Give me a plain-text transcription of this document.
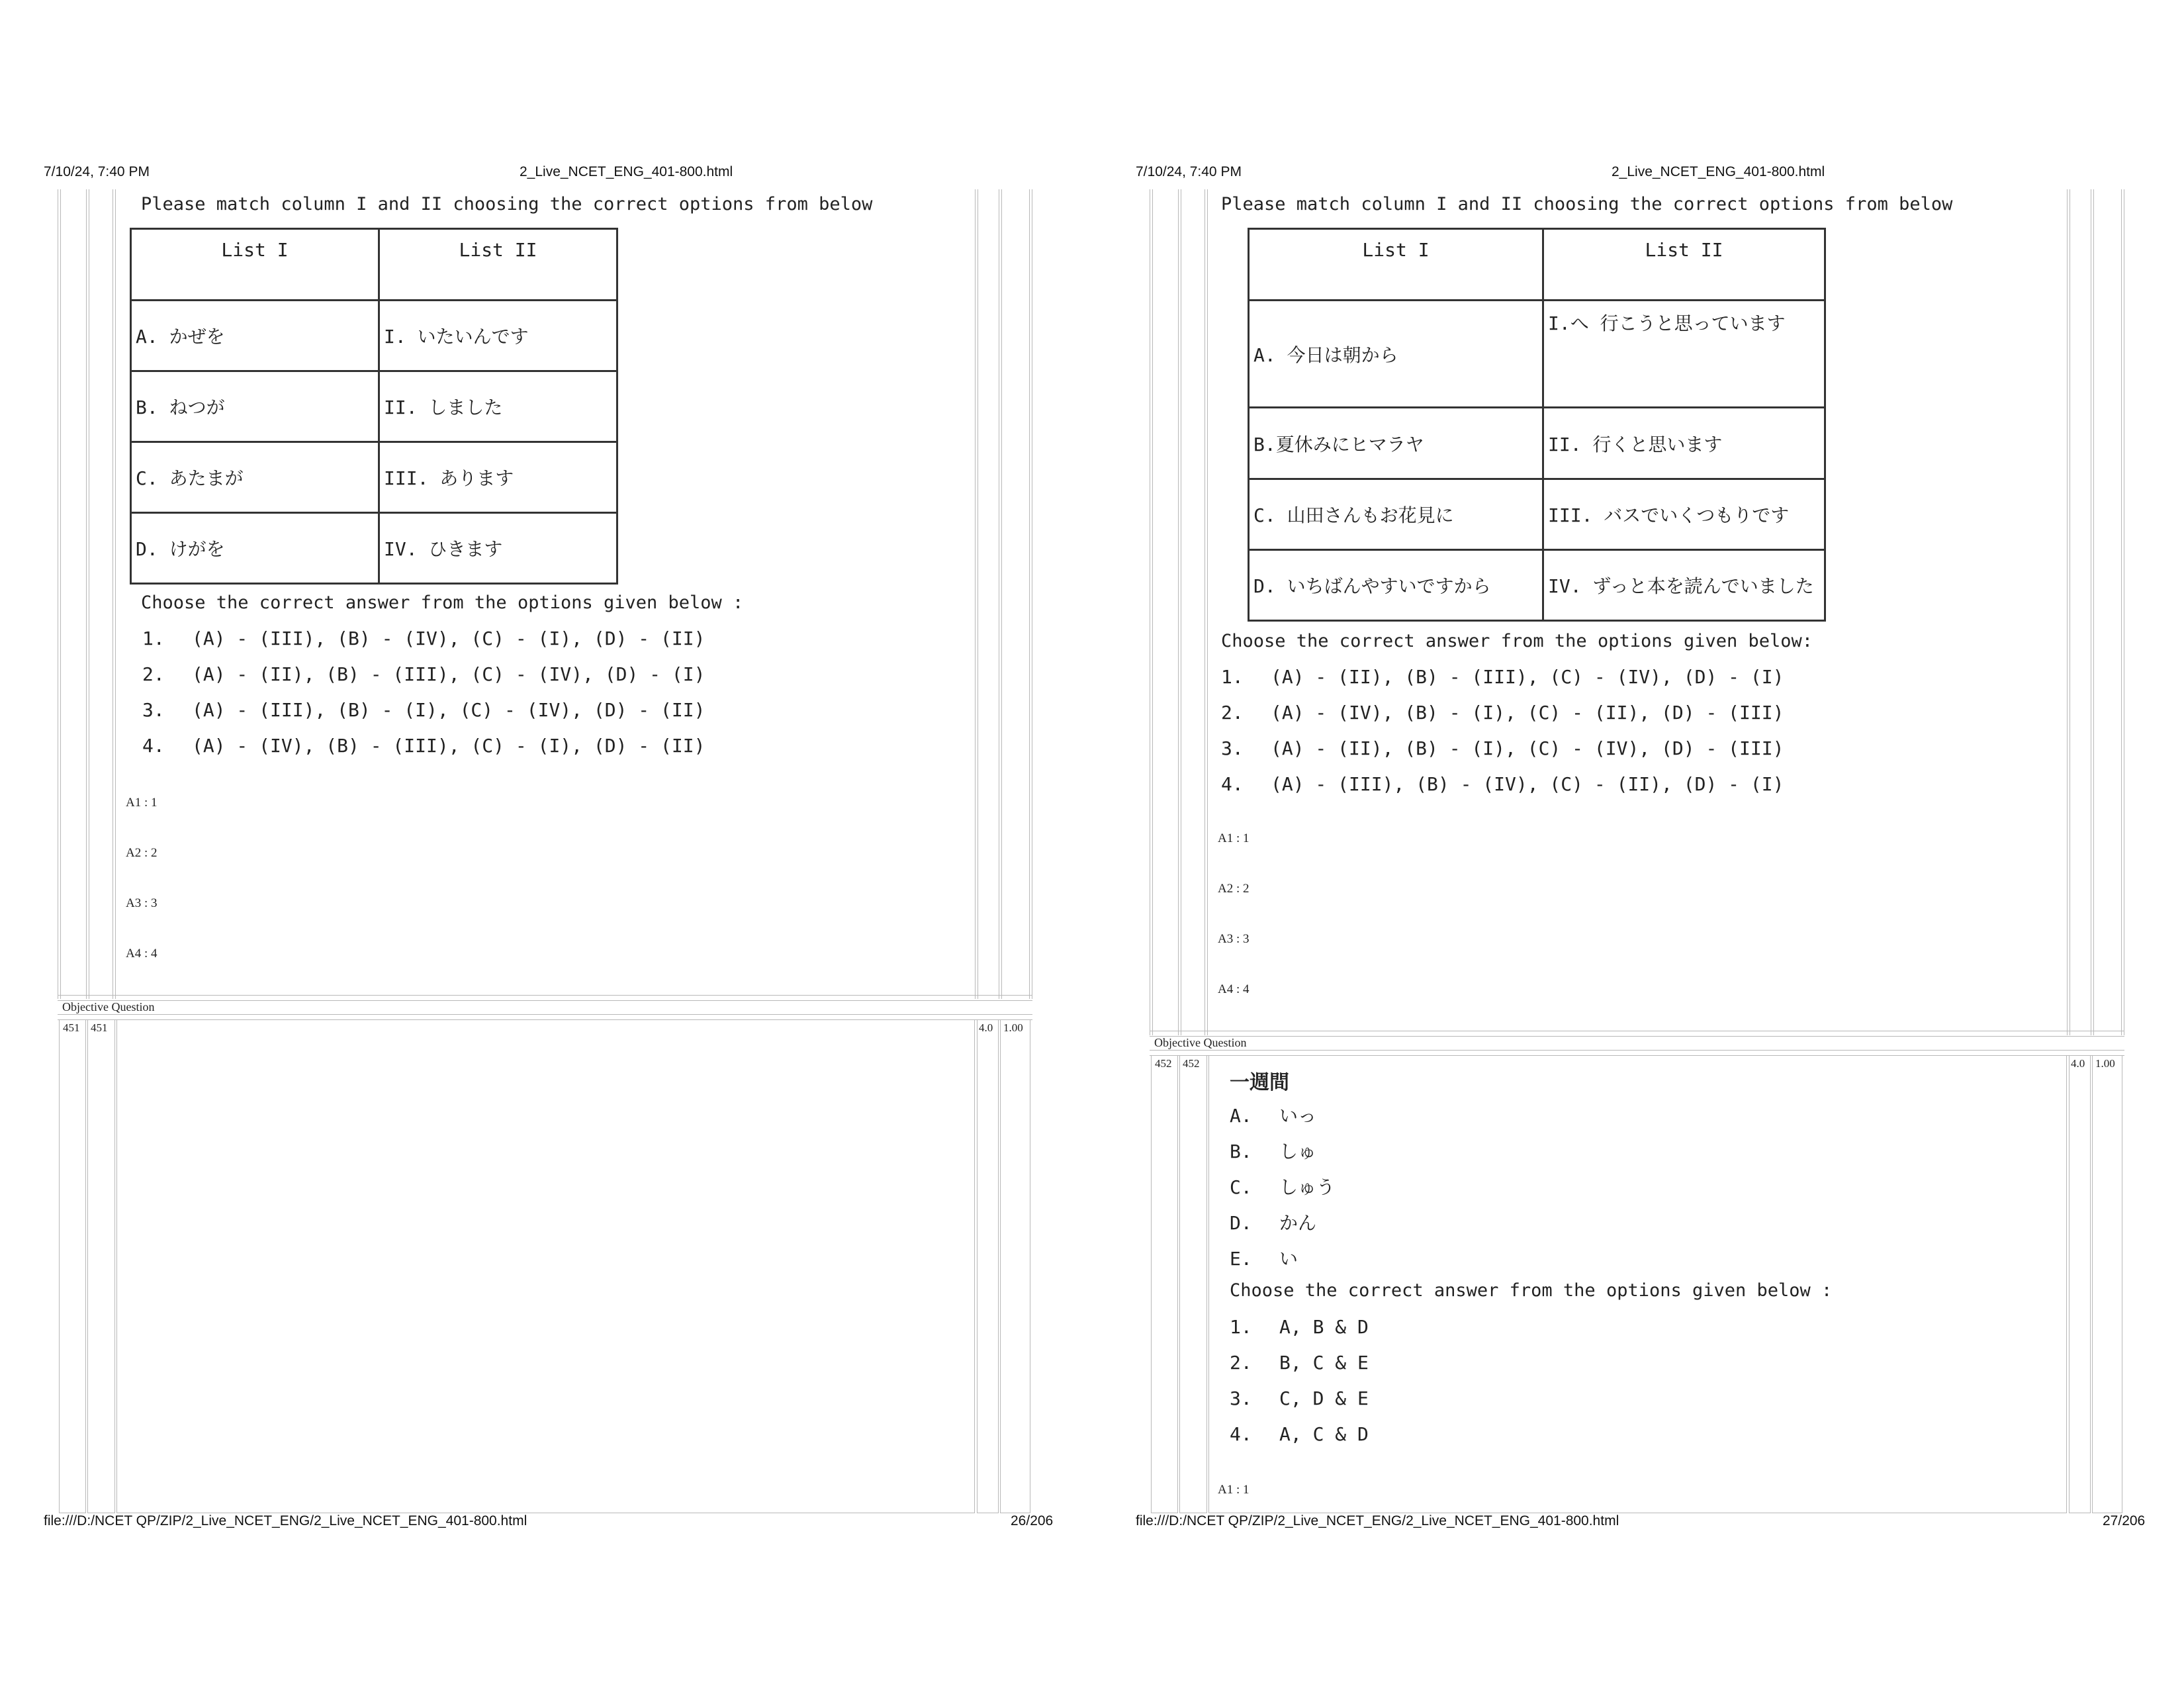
7/10/24, 7:40 PM	2_Live_NCET_ENG_401-800.html
Please match column I and II choosing the correct options from below
List I	List II
A. かぜを	I. いたいんです
B. ねつが	II. しました
C. あたまが	III. あります
D. けがを	IV. ひきます
Choose the correct answer from the options given below :
1. (A) - (III), (B) - (IV), (C) - (I), (D) - (II)
2. (A) - (II), (B) - (III), (C) - (IV), (D) - (I)
3. (A) - (III), (B) - (I), (C) - (IV), (D) - (II)
4. (A) - (IV), (B) - (III), (C) - (I), (D) - (II)
A1 : 1
A2 : 2
A3 : 3
A4 : 4
Objective Question
451 451	4.0 1.00
file:///D:/NCET QP/ZIP/2_Live_NCET_ENG/2_Live_NCET_ENG_401-800.html	26/206
7/10/24, 7:40 PM	2_Live_NCET_ENG_401-800.html
Please match column I and II choosing the correct options from below
List I	List II
A. 今日は朝から	I.へ 行こうと思っています
B.夏休みにヒマラヤ	II. 行くと思います
C. 山田さんもお花見に	III. バスでいくつもりです
D. いちばんやすいですから	IV. ずっと本を読んでいました
Choose the correct answer from the options given below:
1. (A) - (II), (B) - (III), (C) - (IV), (D) - (I)
2. (A) - (IV), (B) - (I), (C) - (II), (D) - (III)
3. (A) - (II), (B) - (I), (C) - (IV), (D) - (III)
4. (A) - (III), (B) - (IV), (C) - (II), (D) - (I)
A1 : 1
A2 : 2
A3 : 3
A4 : 4
Objective Question
452 452	4.0 1.00
一週間
A. いっ
B. しゅ
C. しゅう
D. かん
E. い
Choose the correct answer from the options given below :
1. A, B & D
2. B, C & E
3. C, D & E
4. A, C & D
A1 : 1
file:///D:/NCET QP/ZIP/2_Live_NCET_ENG/2_Live_NCET_ENG_401-800.html	27/206
